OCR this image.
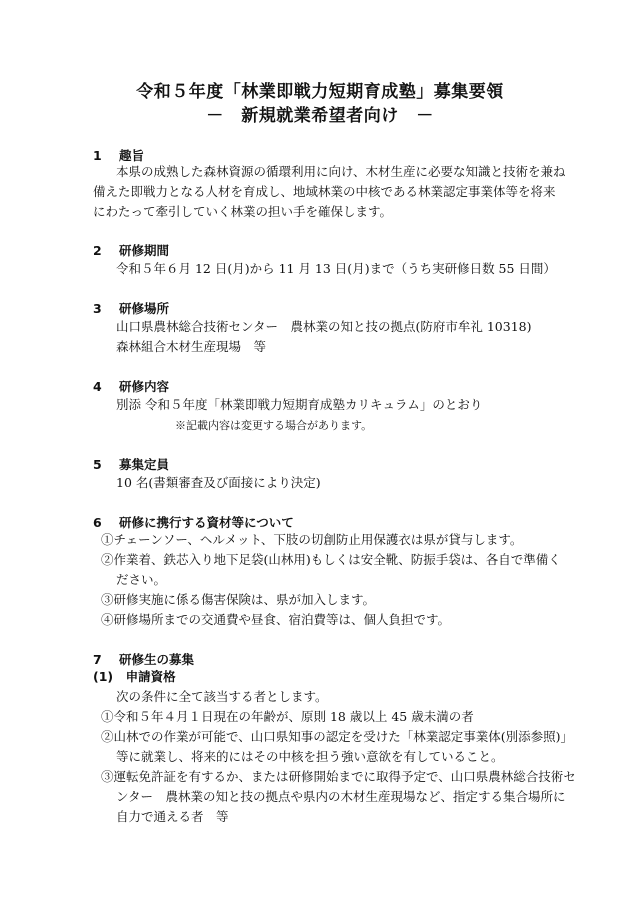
令和５年度「林業即戦力短期育成塾」募集要領
－　新規就業希望者向け　－
1 趣旨
本県の成熟した森林資源の循環利用に向け、木材生産に必要な知識と技術を兼ね
備えた即戦力となる人材を育成し、地域林業の中核である林業認定事業体等を将来
にわたって牽引していく林業の担い手を確保します。
2 研修期間
令和５年６月 12 日(月)から 11 月 13 日(月)まで（うち実研修日数 55 日間）
3 研修場所
山口県農林総合技術センター　農林業の知と技の拠点(防府市牟礼 10318)
森林組合木材生産現場　等
4 研修内容
別添 令和５年度「林業即戦力短期育成塾カリキュラム」のとおり
※記載内容は変更する場合があります。
5 募集定員
10 名(書類審査及び面接により決定)
6 研修に携行する資材等について
①チェーンソー、ヘルメット、下肢の切創防止用保護衣は県が貸与します。
②作業着、鉄芯入り地下足袋(山林用)もしくは安全靴、防振手袋は、各自で準備く
ださい。
③研修実施に係る傷害保険は、県が加入します。
④研修場所までの交通費や昼食、宿泊費等は、個人負担です。
7 研修生の募集
(1)　申請資格
次の条件に全て該当する者とします。
①令和５年４月１日現在の年齢が、原則 18 歳以上 45 歳未満の者
②山林での作業が可能で、山口県知事の認定を受けた「林業認定事業体(別添参照)」
等に就業し、将来的にはその中核を担う強い意欲を有していること。
③運転免許証を有するか、または研修開始までに取得予定で、山口県農林総合技術セ
ンター　農林業の知と技の拠点や県内の木材生産現場など、指定する集合場所に
自力で通える者　等
